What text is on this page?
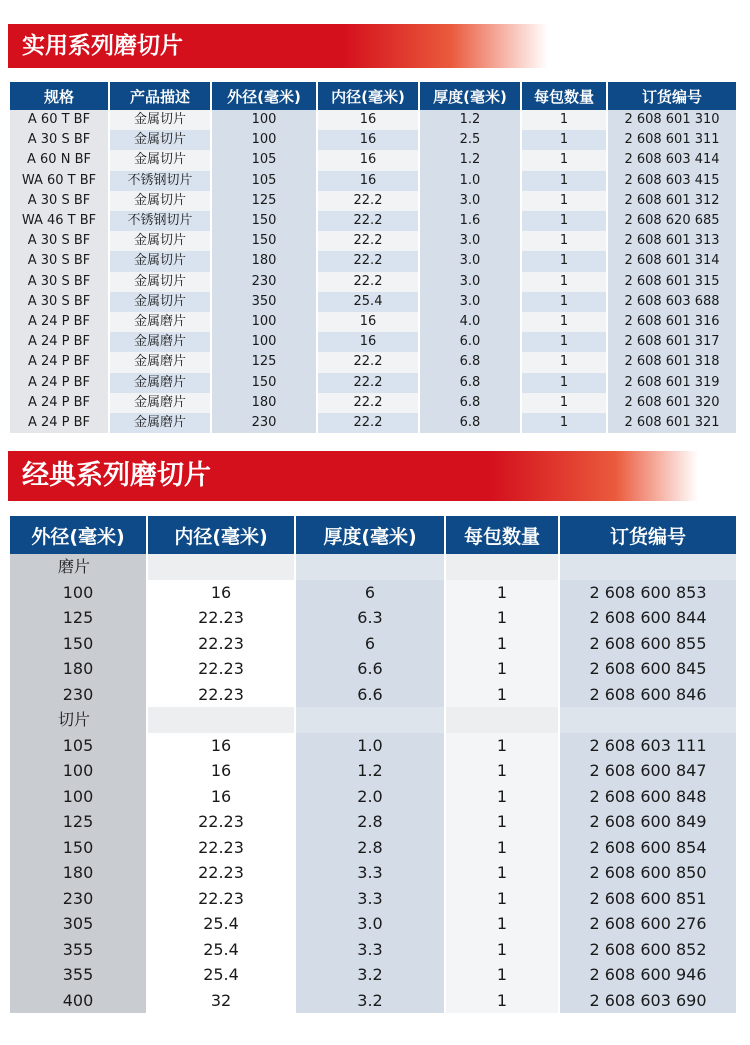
实用系列磨切片
规格	产品描述	外径(毫米)	内径(毫米)	厚度(毫米)	每包数量	订货编号
A 60 T BF	金属切片	100	16	1.2	1	2 608 601 310
A 30 S BF	金属切片	100	16	2.5	1	2 608 601 311
A 60 N BF	金属切片	105	16	1.2	1	2 608 603 414
WA 60 T BF	不锈钢切片	105	16	1.0	1	2 608 603 415
A 30 S BF	金属切片	125	22.2	3.0	1	2 608 601 312
WA 46 T BF	不锈钢切片	150	22.2	1.6	1	2 608 620 685
A 30 S BF	金属切片	150	22.2	3.0	1	2 608 601 313
A 30 S BF	金属切片	180	22.2	3.0	1	2 608 601 314
A 30 S BF	金属切片	230	22.2	3.0	1	2 608 601 315
A 30 S BF	金属切片	350	25.4	3.0	1	2 608 603 688
A 24 P BF	金属磨片	100	16	4.0	1	2 608 601 316
A 24 P BF	金属磨片	100	16	6.0	1	2 608 601 317
A 24 P BF	金属磨片	125	22.2	6.8	1	2 608 601 318
A 24 P BF	金属磨片	150	22.2	6.8	1	2 608 601 319
A 24 P BF	金属磨片	180	22.2	6.8	1	2 608 601 320
A 24 P BF	金属磨片	230	22.2	6.8	1	2 608 601 321
经典系列磨切片
外径(毫米)	内径(毫米)	厚度(毫米)	每包数量	订货编号
磨片				
100	16	6	1	2 608 600 853
125	22.23	6.3	1	2 608 600 844
150	22.23	6	1	2 608 600 855
180	22.23	6.6	1	2 608 600 845
230	22.23	6.6	1	2 608 600 846
切片				
105	16	1.0	1	2 608 603 111
100	16	1.2	1	2 608 600 847
100	16	2.0	1	2 608 600 848
125	22.23	2.8	1	2 608 600 849
150	22.23	2.8	1	2 608 600 854
180	22.23	3.3	1	2 608 600 850
230	22.23	3.3	1	2 608 600 851
305	25.4	3.0	1	2 608 600 276
355	25.4	3.3	1	2 608 600 852
355	25.4	3.2	1	2 608 600 946
400	32	3.2	1	2 608 603 690
